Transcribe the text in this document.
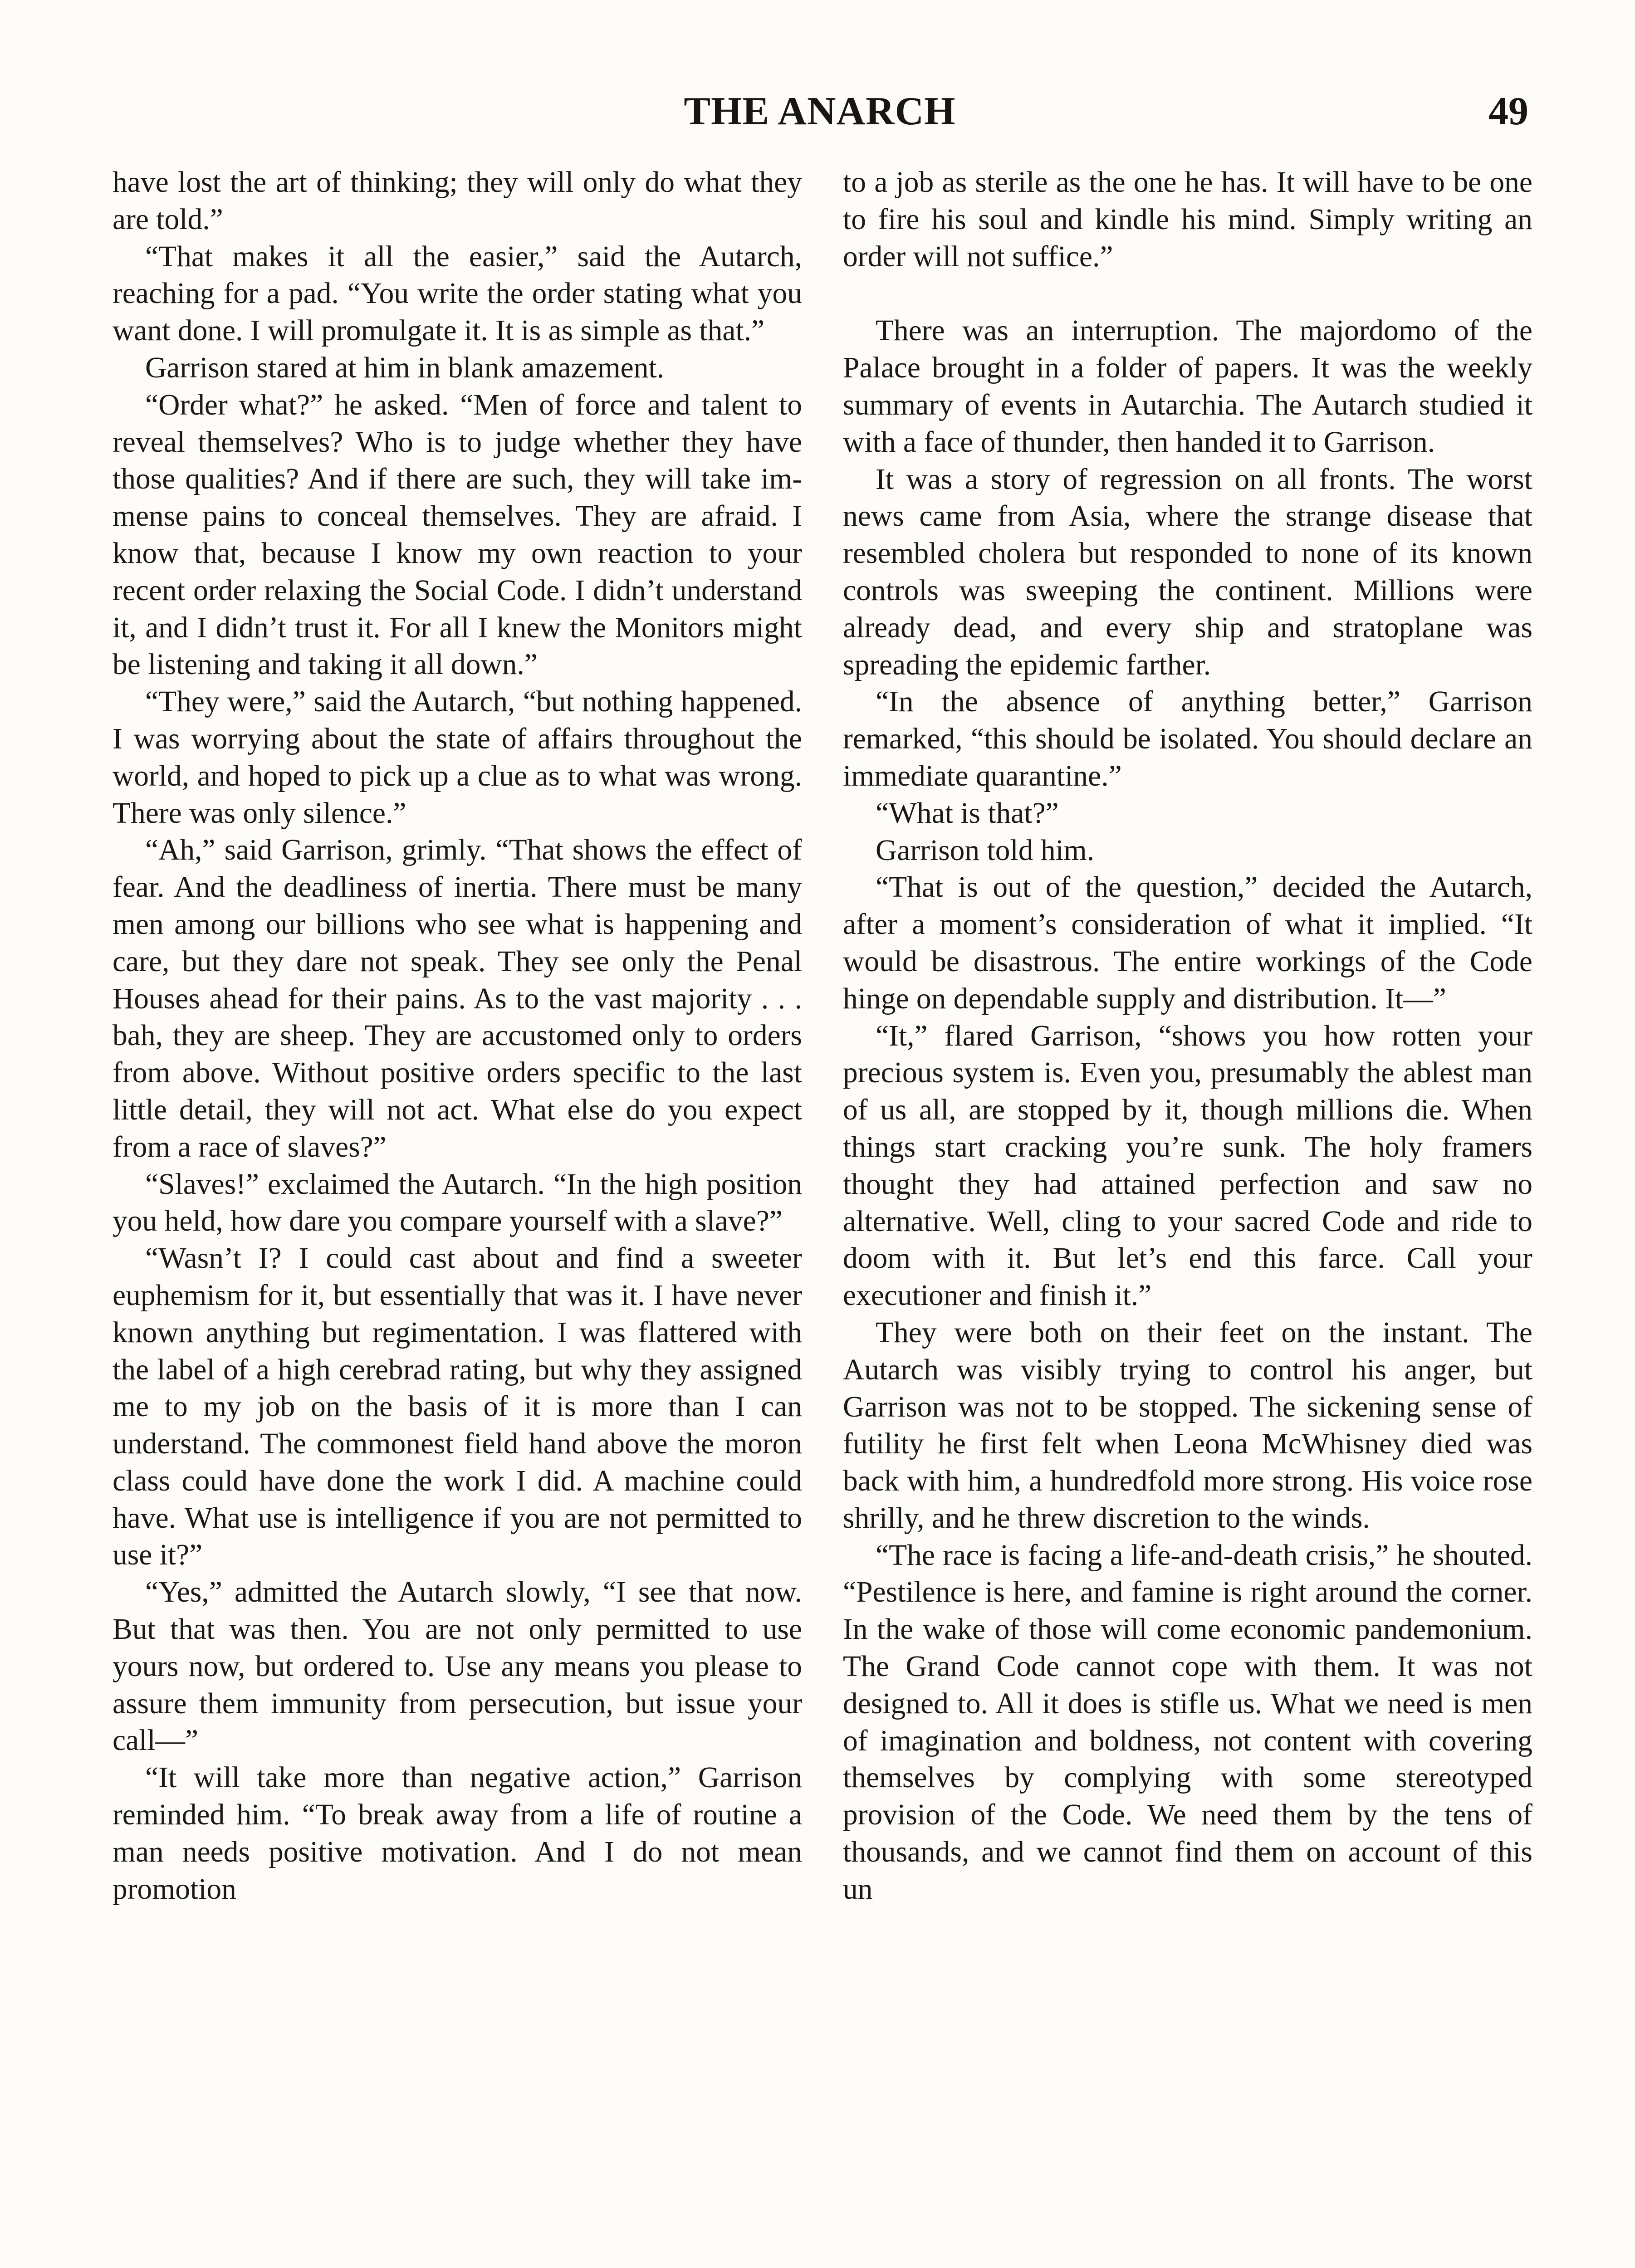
THE ANARCH	49

have lost the art of thinking; they will only do what they are told.”

“That makes it all the easier,” said the Autarch, reaching for a pad. “You write the order stating what you want done. I will promulgate it. It is as simple as that.”

Garrison stared at him in blank amazement.

“Order what?” he asked. “Men of force and talent to reveal themselves? Who is to judge whether they have those qualities? And if there are such, they will take immense pains to conceal themselves. They are afraid. I know that, because I know my own reaction to your recent order relaxing the Social Code. I didn’t understand it, and I didn’t trust it. For all I knew the Monitors might be listening and taking it all down.”

“They were,” said the Autarch, “but nothing happened. I was worrying about the state of affairs throughout the world, and hoped to pick up a clue as to what was wrong. There was only silence.”

“Ah,” said Garrison, grimly. “That shows the effect of fear. And the deadliness of inertia. There must be many men among our billions who see what is happening and care, but they dare not speak. They see only the Penal Houses ahead for their pains. As to the vast majority . . . bah, they are sheep. They are accustomed only to orders from above. Without positive orders specific to the last little detail, they will not act. What else do you expect from a race of slaves?”

“Slaves!” exclaimed the Autarch. “In the high position you held, how dare you compare yourself with a slave?”

“Wasn’t I? I could cast about and find a sweeter euphemism for it, but essentially that was it. I have never known anything but regimentation. I was flattered with the label of a high cerebrad rating, but why they assigned me to my job on the basis of it is more than I can understand. The commonest field hand above the moron class could have done the work I did. A machine could have. What use is intelligence if you are not permitted to use it?”

“Yes,” admitted the Autarch slowly, “I see that now. But that was then. You are not only permitted to use yours now, but ordered to. Use any means you please to assure them immunity from persecution, but issue your call—”

“It will take more than negative action,” Garrison reminded him. “To break away from a life of routine a man needs positive motivation. And I do not mean promotion

to a job as sterile as the one he has. It will have to be one to fire his soul and kindle his mind. Simply writing an order will not suffice.”

There was an interruption. The majordomo of the Palace brought in a folder of papers. It was the weekly summary of events in Autarchia. The Autarch studied it with a face of thunder, then handed it to Garrison.

It was a story of regression on all fronts. The worst news came from Asia, where the strange disease that resembled cholera but responded to none of its known controls was sweeping the continent. Millions were already dead, and every ship and stratoplane was spreading the epidemic farther.

“In the absence of anything better,” Garrison remarked, “this should be isolated. You should declare an immediate quarantine.”

“What is that?”

Garrison told him.

“That is out of the question,” decided the Autarch, after a moment’s consideration of what it implied. “It would be disastrous. The entire workings of the Code hinge on dependable supply and distribution. It—”

“It,” flared Garrison, “shows you how rotten your precious system is. Even you, presumably the ablest man of us all, are stopped by it, though millions die. When things start cracking you’re sunk. The holy framers thought they had attained perfection and saw no alternative. Well, cling to your sacred Code and ride to doom with it. But let’s end this farce. Call your executioner and finish it.”

They were both on their feet on the instant. The Autarch was visibly trying to control his anger, but Garrison was not to be stopped. The sickening sense of futility he first felt when Leona McWhisney died was back with him, a hundredfold more strong. His voice rose shrilly, and he threw discretion to the winds.

“The race is facing a life-and-death crisis,” he shouted. “Pestilence is here, and famine is right around the corner. In the wake of those will come economic pandemonium. The Grand Code cannot cope with them. It was not designed to. All it does is stifle us. What we need is men of imagination and boldness, not content with covering themselves by complying with some stereotyped provision of the Code. We need them by the tens of thousands, and we cannot find them on account of this un
